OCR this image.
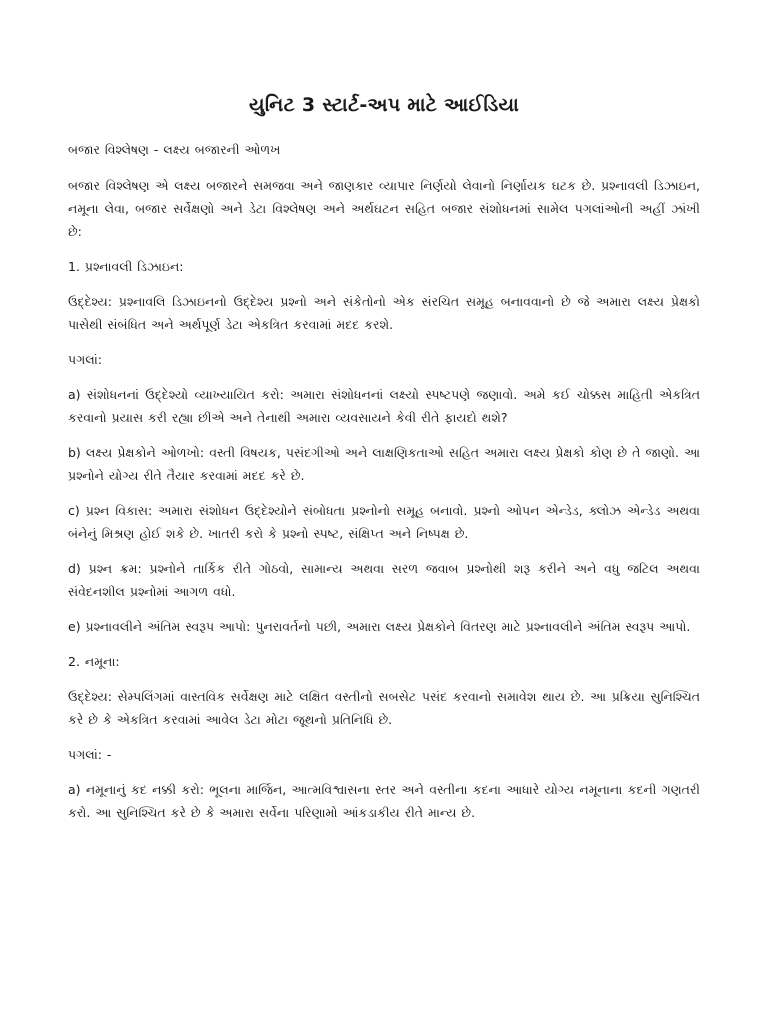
યુનિટ 3 સ્ટાર્ટ-અપ માટે આઈડિયા

બજાર વિશ્લેષણ - લક્ષ્ય બજારની ઓળખ

બજાર વિશ્લેષણ એ લક્ષ્ય બજારને સમજવા અને જાણકાર વ્યાપાર નિર્ણયો લેવાનો નિર્ણાયક ઘટક છે. પ્રશ્નાવલી ડિઝાઇન, નમૂના લેવા, બજાર સર્વેક્ષણો અને ડેટા વિશ્લેષણ અને અર્થઘટન સહિત બજાર સંશોધનમાં સામેલ પગલાંઓની અહીં ઝાંખી છે:

1. પ્રશ્નાવલી ડિઝાઇન:

ઉદ્દેશ્ય: પ્રશ્નાવલિ ડિઝાઇનનો ઉદ્દેશ્ય પ્રશ્નો અને સંકેતોનો એક સંરચિત સમૂહ બનાવવાનો છે જે અમારા લક્ષ્ય પ્રેક્ષકો પાસેથી સંબંધિત અને અર્થપૂર્ણ ડેટા એકત્રિત કરવામાં મદદ કરશે.

પગલાં:

a) સંશોધનનાં ઉદ્દેશ્યો વ્યાખ્યાયિત કરો: અમારા સંશોધનનાં લક્ષ્યો સ્પષ્ટપણે જણાવો. અમે કઈ ચોક્કસ માહિતી એકત્રિત કરવાનો પ્રયાસ કરી રહ્યા છીએ અને તેનાથી અમારા વ્યવસાયને કેવી રીતે ફાયદો થશે?

b) લક્ષ્ય પ્રેક્ષકોને ઓળખો: વસ્તી વિષયક, પસંદગીઓ અને લાક્ષણિકતાઓ સહિત અમારા લક્ષ્ય પ્રેક્ષકો કોણ છે તે જાણો. આ પ્રશ્નોને યોગ્ય રીતે તૈયાર કરવામાં મદદ કરે છે.

c) પ્રશ્ન વિકાસ: અમારા સંશોધન ઉદ્દેશ્યોને સંબોધતા પ્રશ્નોનો સમૂહ બનાવો. પ્રશ્નો ઓપન એન્ડેડ, ક્લોઝ એન્ડેડ અથવા બંનેનું મિશ્રણ હોઈ શકે છે. ખાતરી કરો કે પ્રશ્નો સ્પષ્ટ, સંક્ષિપ્ત અને નિષ્પક્ષ છે.

d) પ્રશ્ન ક્રમ: પ્રશ્નોને તાર્કિક રીતે ગોઠવો, સામાન્ય અથવા સરળ જવાબ પ્રશ્નોથી શરૂ કરીને અને વધુ જટિલ અથવા સંવેદનશીલ પ્રશ્નોમાં આગળ વધો.

e) પ્રશ્નાવલીને અંતિમ સ્વરૂપ આપો: પુનરાવર્તનો પછી, અમારા લક્ષ્ય પ્રેક્ષકોને વિતરણ માટે પ્રશ્નાવલીને અંતિમ સ્વરૂપ આપો.

2. નમૂના:

ઉદ્દેશ્ય: સેમ્પલિંગમાં વાસ્તવિક સર્વેક્ષણ માટે લક્ષિત વસ્તીનો સબસેટ પસંદ કરવાનો સમાવેશ થાય છે. આ પ્રક્રિયા સુનિશ્ચિત કરે છે કે એકત્રિત કરવામાં આવેલ ડેટા મોટા જૂથનો પ્રતિનિધિ છે.

પગલાં: -

a) નમૂનાનું કદ નક્કી કરો: ભૂલના માર્જિન, આત્મવિશ્વાસના સ્તર અને વસ્તીના કદના આધારે યોગ્ય નમૂનાના કદની ગણતરી કરો. આ સુનિશ્ચિત કરે છે કે અમારા સર્વેના પરિણામો આંકડાકીય રીતે માન્ય છે.
